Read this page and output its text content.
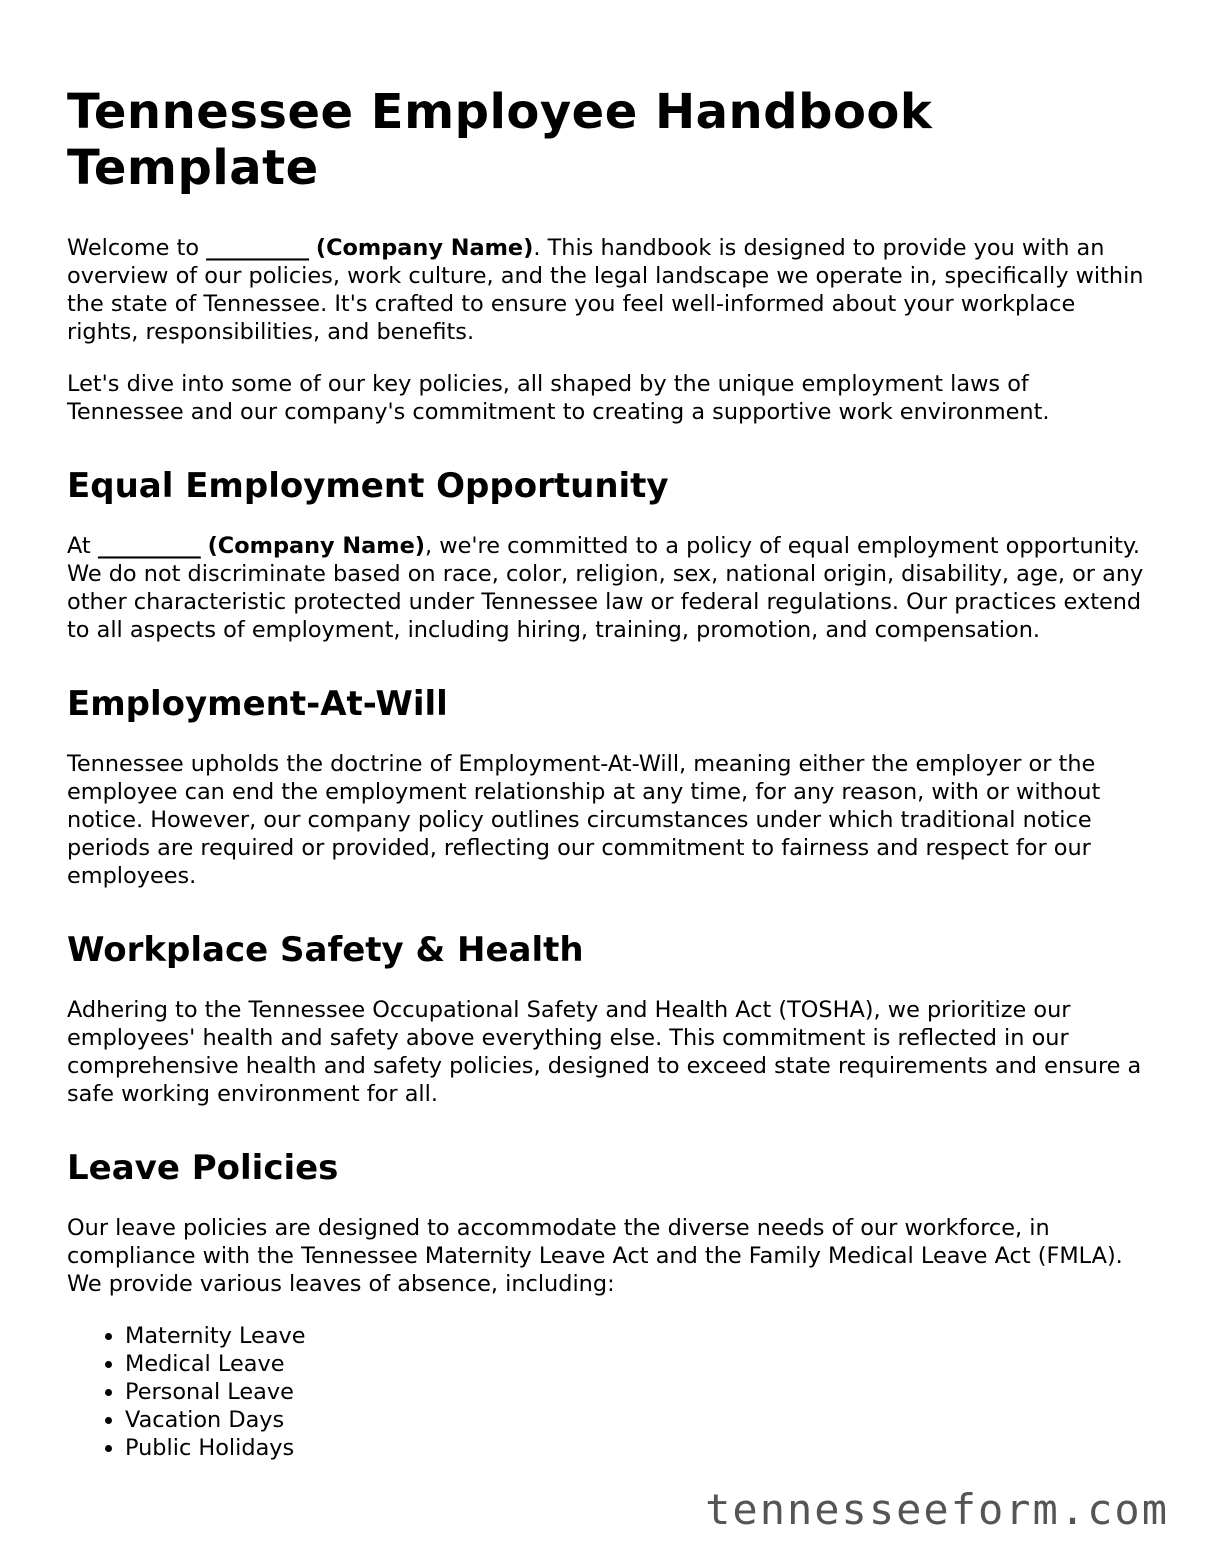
Tennessee Employee Handbook Template

Welcome to __________ (Company Name). This handbook is designed to provide you with an overview of our policies, work culture, and the legal landscape we operate in, specifically within the state of Tennessee. It's crafted to ensure you feel well-informed about your workplace rights, responsibilities, and benefits.

Let's dive into some of our key policies, all shaped by the unique employment laws of Tennessee and our company's commitment to creating a supportive work environment.

Equal Employment Opportunity

At __________ (Company Name), we're committed to a policy of equal employment opportunity. We do not discriminate based on race, color, religion, sex, national origin, disability, age, or any other characteristic protected under Tennessee law or federal regulations. Our practices extend to all aspects of employment, including hiring, training, promotion, and compensation.

Employment-At-Will

Tennessee upholds the doctrine of Employment-At-Will, meaning either the employer or the employee can end the employment relationship at any time, for any reason, with or without notice. However, our company policy outlines circumstances under which traditional notice periods are required or provided, reflecting our commitment to fairness and respect for our employees.

Workplace Safety & Health

Adhering to the Tennessee Occupational Safety and Health Act (TOSHA), we prioritize our employees' health and safety above everything else. This commitment is reflected in our comprehensive health and safety policies, designed to exceed state requirements and ensure a safe working environment for all.

Leave Policies

Our leave policies are designed to accommodate the diverse needs of our workforce, in compliance with the Tennessee Maternity Leave Act and the Family Medical Leave Act (FMLA). We provide various leaves of absence, including:

• Maternity Leave
• Medical Leave
• Personal Leave
• Vacation Days
• Public Holidays
tennesseeform.com
